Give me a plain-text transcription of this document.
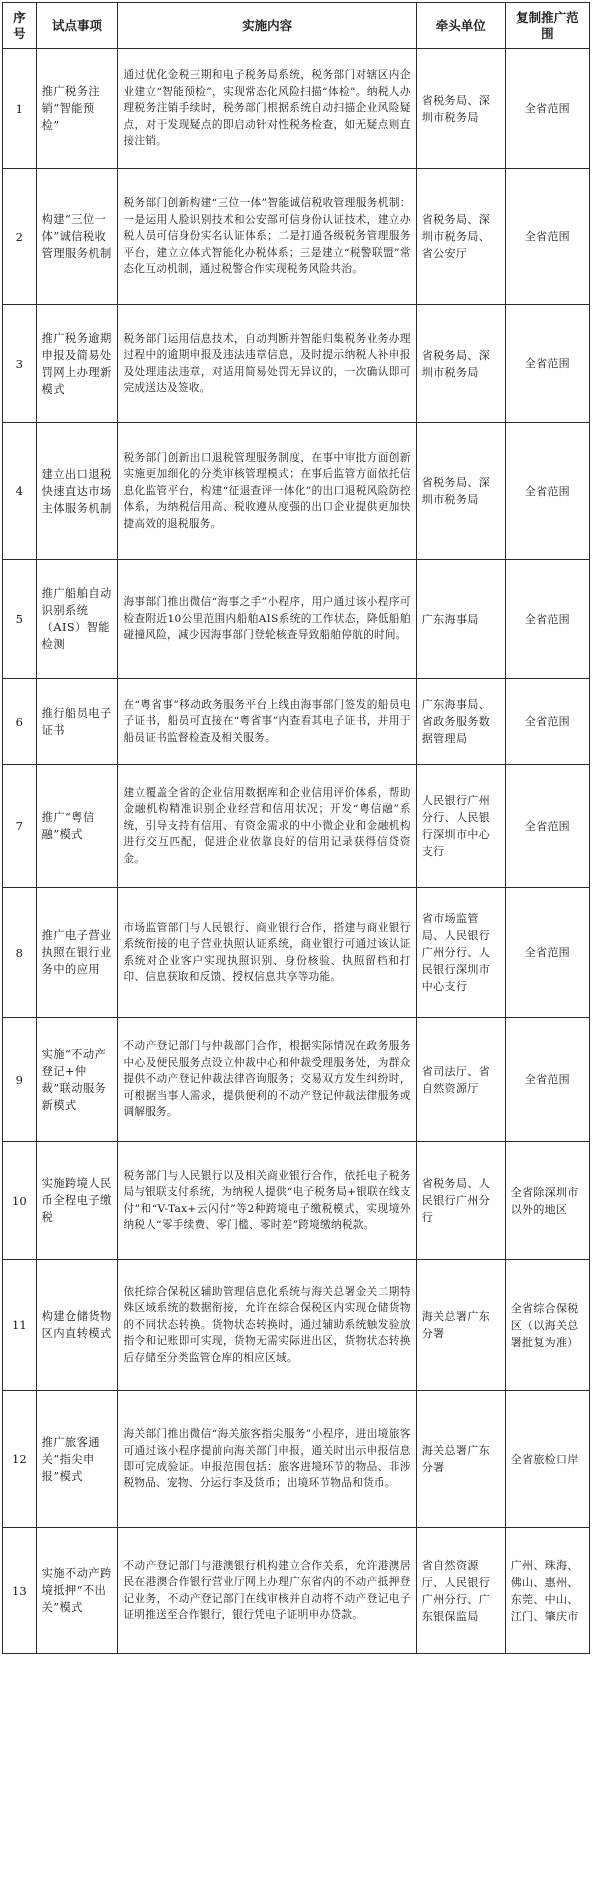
序号	试点事项	实施内容	牵头单位	复制推广范围
1	推广税务注销“智能预检”	通过优化金税三期和电子税务局系统，税务部门对辖区内企业建立“智能预检”，实现常态化风险扫描“体检”。纳税人办理税务注销手续时，税务部门根据系统自动扫描企业风险疑点，对于发现疑点的即启动针对性税务检查，如无疑点则直接注销。	省税务局、深圳市税务局	全省范围
2	构建“三位一体”诚信税收管理服务机制	税务部门创新构建“三位一体”智能诚信税收管理服务机制：一是运用人脸识别技术和公安部可信身份认证技术，建立办税人员可信身份实名认证体系；二是打通各级税务管理服务平台，建立立体式智能化办税体系；三是建立“税警联盟”常态化互动机制，通过税警合作实现税务风险共治。	省税务局、深圳市税务局、省公安厅	全省范围
3	推广税务逾期申报及简易处罚网上办理新模式	税务部门运用信息技术，自动判断并智能归集税务业务办理过程中的逾期申报及违法违章信息，及时提示纳税人补申报及处理违法违章，对适用简易处罚无异议的，一次确认即可完成送达及签收。	省税务局、深圳市税务局	全省范围
4	建立出口退税快速直达市场主体服务机制	税务部门创新出口退税管理服务制度，在事中审批方面创新实施更加细化的分类审核管理模式；在事后监管方面依托信息化监管平台，构建“征退查评一体化”的出口退税风险防控体系，为纳税信用高、税收遵从度强的出口企业提供更加快捷高效的退税服务。	省税务局、深圳市税务局	全省范围
5	推广船舶自动识别系统（AIS）智能检测	海事部门推出微信“海事之手”小程序，用户通过该小程序可检查附近10公里范围内船舶AIS系统的工作状态，降低船舶碰撞风险，减少因海事部门登轮核查导致船舶停航的时间。	广东海事局	全省范围
6	推行船员电子证书	在“粤省事”移动政务服务平台上线由海事部门签发的船员电子证书，船员可直接在“粤省事”内查看其电子证书，并用于船员证书监督检查及相关服务。	广东海事局、省政务服务数据管理局	全省范围
7	推广“粤信融”模式	建立覆盖全省的企业信用数据库和企业信用评价体系，帮助金融机构精准识别企业经营和信用状况；开发“粤信融”系统，引导支持有信用、有资金需求的中小微企业和金融机构进行交互匹配，促进企业依靠良好的信用记录获得信贷资金。	人民银行广州分行、人民银行深圳市中心支行	全省范围
8	推广电子营业执照在银行业务中的应用	市场监管部门与人民银行、商业银行合作，搭建与商业银行系统衔接的电子营业执照认证系统，商业银行可通过该认证系统对企业客户实现执照识别、身份核验、执照留档和打印、信息获取和反馈、授权信息共享等功能。	省市场监管局、人民银行广州分行、人民银行深圳市中心支行	全省范围
9	实施“不动产登记+仲裁”联动服务新模式	不动产登记部门与仲裁部门合作，根据实际情况在政务服务中心及便民服务点设立仲裁中心和仲裁受理服务处，为群众提供不动产登记仲裁法律咨询服务；交易双方发生纠纷时，可根据当事人需求，提供便利的不动产登记仲裁法律服务或调解服务。	省司法厅、省自然资源厅	全省范围
10	实施跨境人民币全程电子缴税	税务部门与人民银行以及相关商业银行合作，依托电子税务局与银联支付系统，为纳税人提供“电子税务局+银联在线支付”和“V-Tax+云闪付”等2种跨境电子缴税模式，实现境外纳税人“零手续费、零门槛、零时差”跨境缴纳税款。	省税务局、人民银行广州分行	全省除深圳市以外的地区
11	构建仓储货物区内直转模式	依托综合保税区辅助管理信息化系统与海关总署金关二期特殊区域系统的数据衔接，允许在综合保税区内实现仓储货物的不同状态转换。货物状态转换时，通过辅助系统触发验放指令和记账即可实现，货物无需实际进出区，货物状态转换后存储至分类监管仓库的相应区域。	海关总署广东分署	全省综合保税区（以海关总署批复为准）
12	推广旅客通关“指尖申报”模式	海关部门推出微信“海关旅客指尖服务”小程序，进出境旅客可通过该小程序提前向海关部门申报，通关时出示申报信息即可完成验证。申报范围包括：旅客进境环节的物品、非涉税物品、宠物、分运行李及货币；出境环节物品和货币。	海关总署广东分署	全省旅检口岸
13	实施不动产跨境抵押“不出关”模式	不动产登记部门与港澳银行机构建立合作关系，允许港澳居民在港澳合作银行营业厅网上办理广东省内的不动产抵押登记业务，不动产登记部门在线审核并自动将不动产登记电子证明推送至合作银行，银行凭电子证明申办贷款。	省自然资源厅、人民银行广州分行、广东银保监局	广州、珠海、佛山、惠州、东莞、中山、江门、肇庆市
